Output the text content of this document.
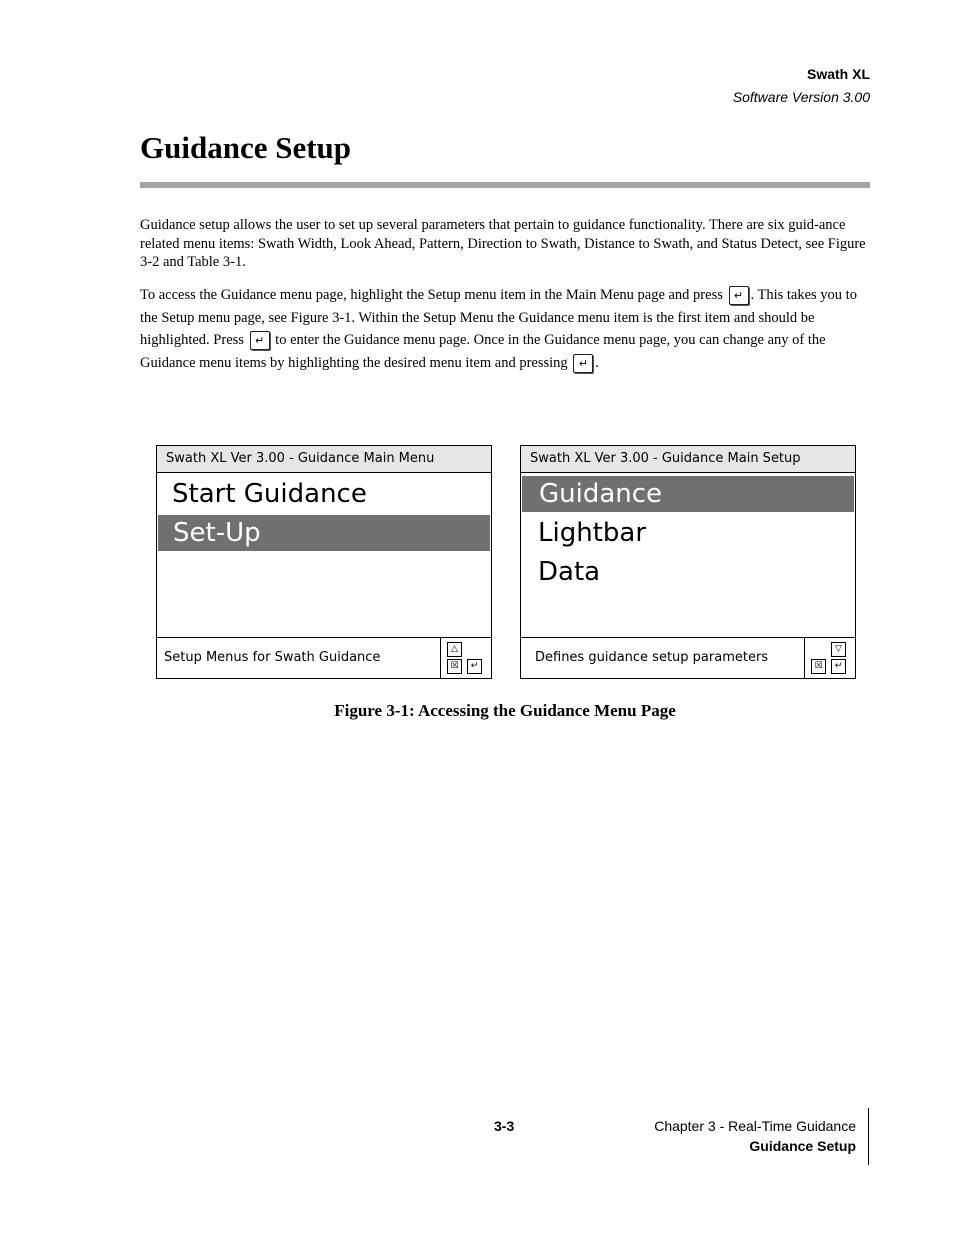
Swath XL
Software Version 3.00
Guidance Setup

Guidance setup allows the user to set up several parameters that pertain to guidance functionality. There are six guid-ance related menu items: Swath Width, Look Ahead, Pattern, Direction to Swath, Distance to Swath, and Status Detect, see Figure 3-2 and Table 3-1.

To access the Guidance menu page, highlight the Setup menu item in the Main Menu page and press ↵ . This takes you to the Setup menu page, see Figure 3-1. Within the Setup Menu the Guidance menu item is the first item and should be highlighted. Press ↵ to enter the Guidance menu page. Once in the Guidance menu page, you can change any of the Guidance menu items by highlighting the desired menu item and pressing ↵ .

Swath XL Ver 3.00 - Guidance Main Menu
Start Guidance
Set-Up
Setup Menus for Swath Guidance
△
☒	↵
Swath XL Ver 3.00 - Guidance Main Setup
Guidance
Lightbar
Data
Defines guidance setup parameters
▽
☒	↵
Figure 3-1: Accessing the Guidance Menu Page
3-3	Chapter 3 - Real-Time Guidance
Guidance Setup
